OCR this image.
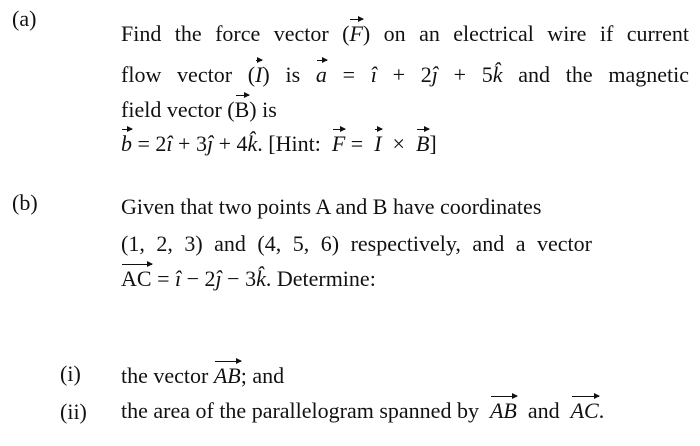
(a)
Find the force vector (F) on an electrical wire if current
flow vector (I) is a = î + 2ĵ + 5k̂ and the magnetic
field vector (B) is
b = 2î + 3ĵ + 4k̂. [Hint:  F =  I  ×  B]
(b)	Given that two points A and B have coordinates
(1, 2, 3) and (4, 5, 6) respectively, and a vector
AC = î − 2ĵ − 3k̂. Determine:
(i) the vector AB; and
(ii) the area of the parallelogram spanned by  AB  and  AC.
